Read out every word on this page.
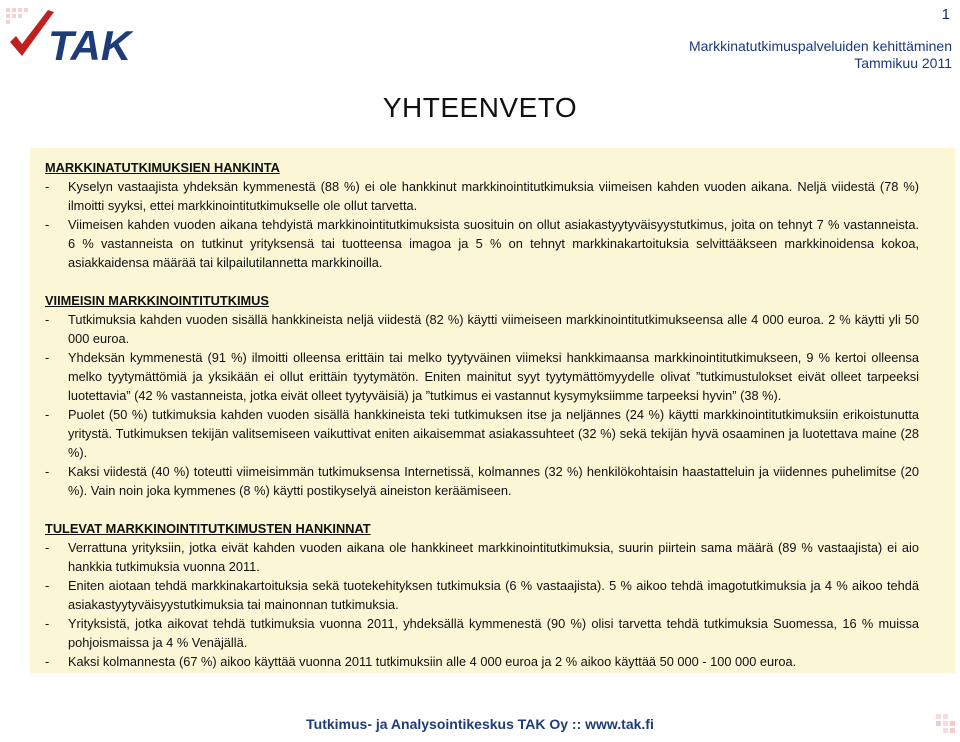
TAK
1
Markkinatutkimuspalveluiden kehittäminen
Tammikuu 2011
YHTEENVETO

MARKKINATUTKIMUKSIEN HANKINTA

- Kyselyn vastaajista yhdeksän kymmenestä (88 %) ei ole hankkinut markkinointitutkimuksia viimeisen kahden vuoden aikana. Neljä viidestä (78 %) ilmoitti syyksi, ettei markkinointitutkimukselle ole ollut tarvetta.
- Viimeisen kahden vuoden aikana tehdyistä markkinointitutkimuksista suosituin on ollut asiakastyytyväisyystutkimus, joita on tehnyt 7 % vastanneista. 6 % vastanneista on tutkinut yrityksensä tai tuotteensa imagoa ja 5 % on tehnyt markkinakartoituksia selvittääkseen markkinoidensa kokoa, asiakkaidensa määrää tai kilpailutilannetta markkinoilla.

VIIMEISIN MARKKINOINTITUTKIMUS

- Tutkimuksia kahden vuoden sisällä hankkineista neljä viidestä (82 %) käytti viimeiseen markkinointitutkimukseensa alle 4 000 euroa. 2 % käytti yli 50 000 euroa.
- Yhdeksän kymmenestä (91 %) ilmoitti olleensa erittäin tai melko tyytyväinen viimeksi hankkimaansa markkinointitutkimukseen, 9 % kertoi olleensa melko tyytymättömiä ja yksikään ei ollut erittäin tyytymätön. Eniten mainitut syyt tyytymättömyydelle olivat ”tutkimustulokset eivät olleet tarpeeksi luotettavia” (42 % vastanneista, jotka eivät olleet tyytyväisiä) ja ”tutkimus ei vastannut kysymyksiimme tarpeeksi hyvin” (38 %).
- Puolet (50 %) tutkimuksia kahden vuoden sisällä hankkineista teki tutkimuksen itse ja neljännes (24 %) käytti markkinointitutkimuksiin erikoistunutta yritystä. Tutkimuksen tekijän valitsemiseen vaikuttivat eniten aikaisemmat asiakassuhteet (32 %) sekä tekijän hyvä osaaminen ja luotettava maine (28 %).
- Kaksi viidestä (40 %) toteutti viimeisimmän tutkimuksensa Internetissä, kolmannes (32 %) henkilökohtaisin haastatteluin ja viidennes puhelimitse (20 %). Vain noin joka kymmenes (8 %) käytti postikyselyä aineiston keräämiseen.

TULEVAT MARKKINOINTITUTKIMUSTEN HANKINNAT

- Verrattuna yrityksiin, jotka eivät kahden vuoden aikana ole hankkineet markkinointitutkimuksia, suurin piirtein sama määrä (89 % vastaajista) ei aio hankkia tutkimuksia vuonna 2011.
- Eniten aiotaan tehdä markkinakartoituksia sekä tuotekehityksen tutkimuksia (6 % vastaajista). 5 % aikoo tehdä imagotutkimuksia ja 4 % aikoo tehdä asiakastyytyväisyystutkimuksia tai mainonnan tutkimuksia.
- Yrityksistä, jotka aikovat tehdä tutkimuksia vuonna 2011, yhdeksällä kymmenestä (90 %) olisi tarvetta tehdä tutkimuksia Suomessa, 16 % muissa pohjoismaissa ja 4 % Venäjällä.
- Kaksi kolmannesta (67 %) aikoo käyttää vuonna 2011 tutkimuksiin alle 4 000 euroa ja 2 % aikoo käyttää 50 000 - 100 000 euroa.
Tutkimus- ja Analysointikeskus TAK Oy :: www.tak.fi
